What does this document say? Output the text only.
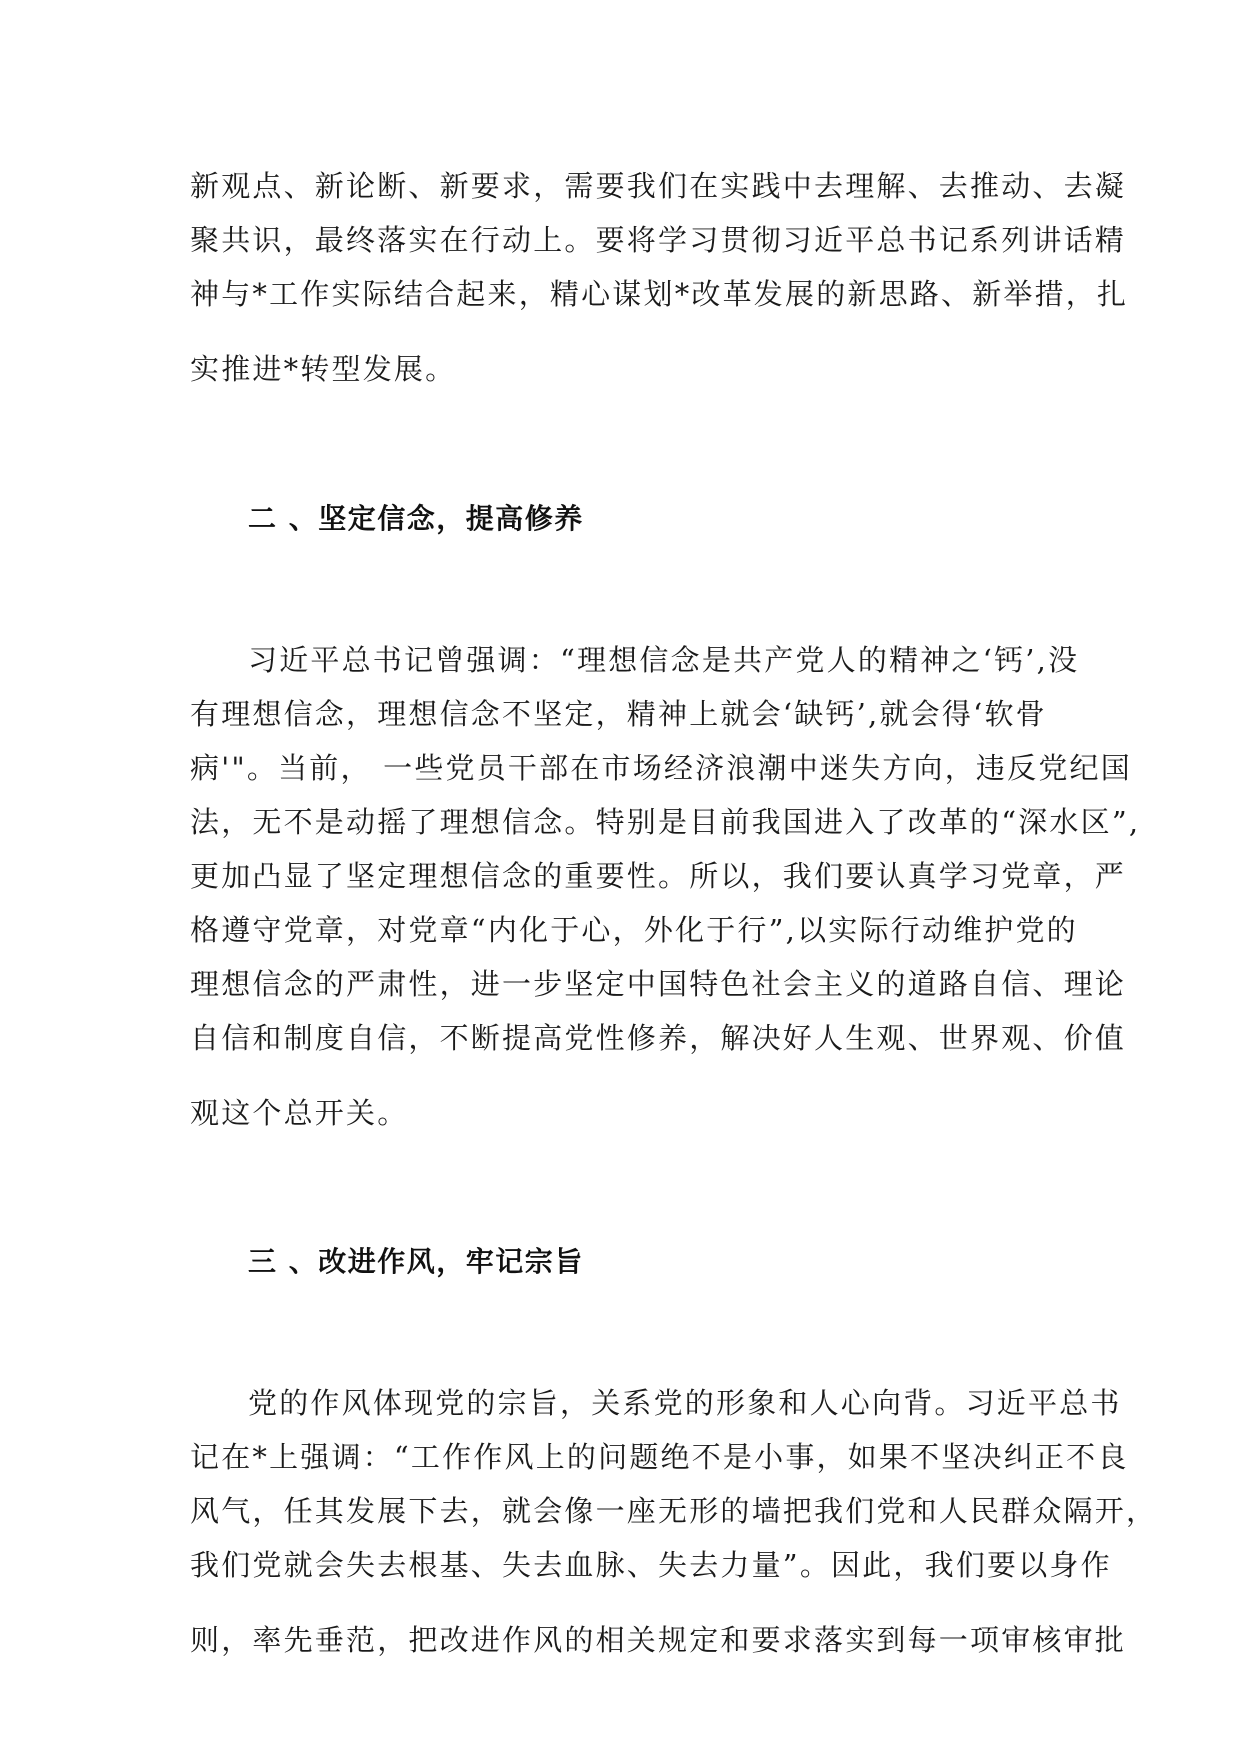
新观点、新论断、新要求，需要我们在实践中去理解、去推动、去凝
聚共识，最终落实在行动上。要将学习贯彻习近平总书记系列讲话精
神与*工作实际结合起来，精心谋划*改革发展的新思路、新举措，扎
实推进*转型发展。
二 、坚定信念，提高修养
习近平总书记曾强调：“理想信念是共产党人的精神之‘钙’,没
有理想信念，理想信念不坚定，精神上就会‘缺钙’,就会得‘软骨
病'"。当前， 一些党员干部在市场经济浪潮中迷失方向，违反党纪国
法，无不是动摇了理想信念。特别是目前我国进入了改革的“深水区”,
更加凸显了坚定理想信念的重要性。所以，我们要认真学习党章，严
格遵守党章，对党章“内化于心，外化于行”,以实际行动维护党的
理想信念的严肃性，进一步坚定中国特色社会主义的道路自信、理论
自信和制度自信，不断提高党性修养，解决好人生观、世界观、价值
观这个总开关。
三 、改进作风，牢记宗旨
党的作风体现党的宗旨，关系党的形象和人心向背。习近平总书
记在*上强调：“工作作风上的问题绝不是小事，如果不坚决纠正不良
风气，任其发展下去，就会像一座无形的墙把我们党和人民群众隔开，
我们党就会失去根基、失去血脉、失去力量”。因此，我们要以身作
则，率先垂范，把改进作风的相关规定和要求落实到每一项审核审批
